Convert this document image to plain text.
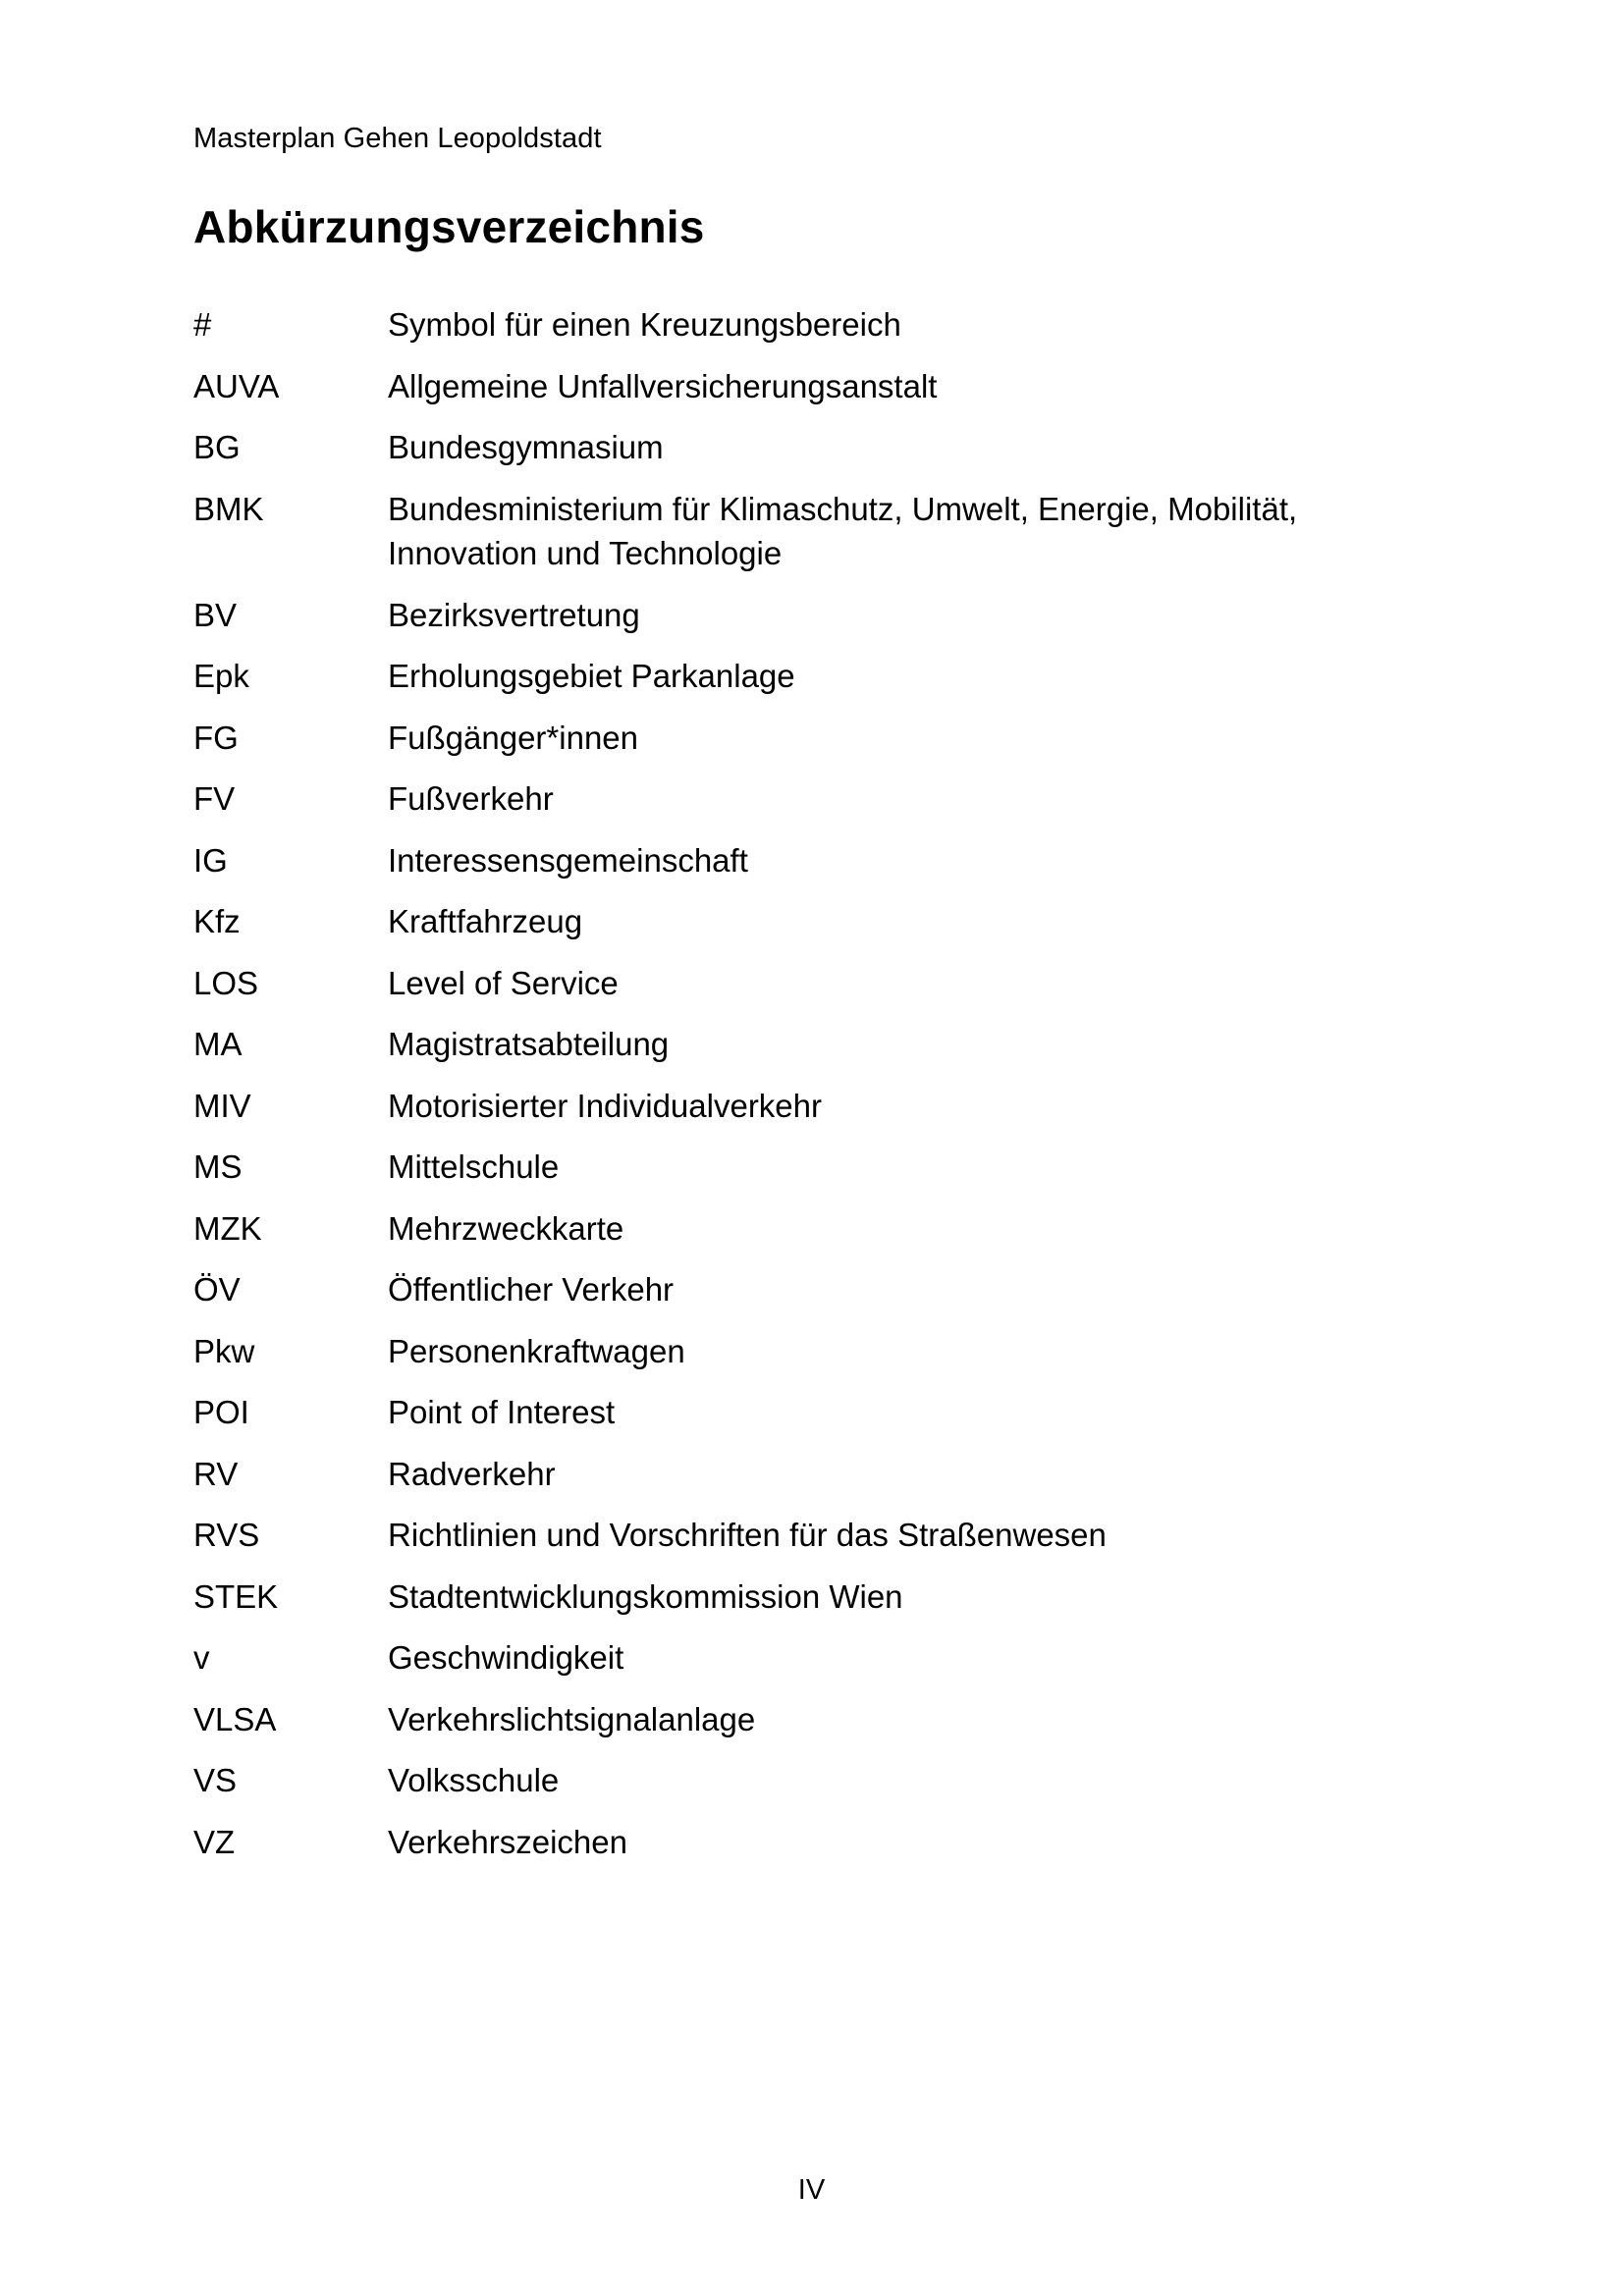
Masterplan Gehen Leopoldstadt
Abkürzungsverzeichnis
#	Symbol für einen Kreuzungsbereich
AUVA	Allgemeine Unfallversicherungsanstalt
BG	Bundesgymnasium
BMK	Bundesministerium für Klimaschutz, Umwelt, Energie, Mobilität, Innovation und Technologie
BV	Bezirksvertretung
Epk	Erholungsgebiet Parkanlage
FG	Fußgänger*innen
FV	Fußverkehr
IG	Interessensgemeinschaft
Kfz	Kraftfahrzeug
LOS	Level of Service
MA	Magistratsabteilung
MIV	Motorisierter Individualverkehr
MS	Mittelschule
MZK	Mehrzweckkarte
ÖV	Öffentlicher Verkehr
Pkw	Personenkraftwagen
POI	Point of Interest
RV	Radverkehr
RVS	Richtlinien und Vorschriften für das Straßenwesen
STEK	Stadtentwicklungskommission Wien
v	Geschwindigkeit
VLSA	Verkehrslichtsignalanlage
VS	Volksschule
VZ	Verkehrszeichen
IV
